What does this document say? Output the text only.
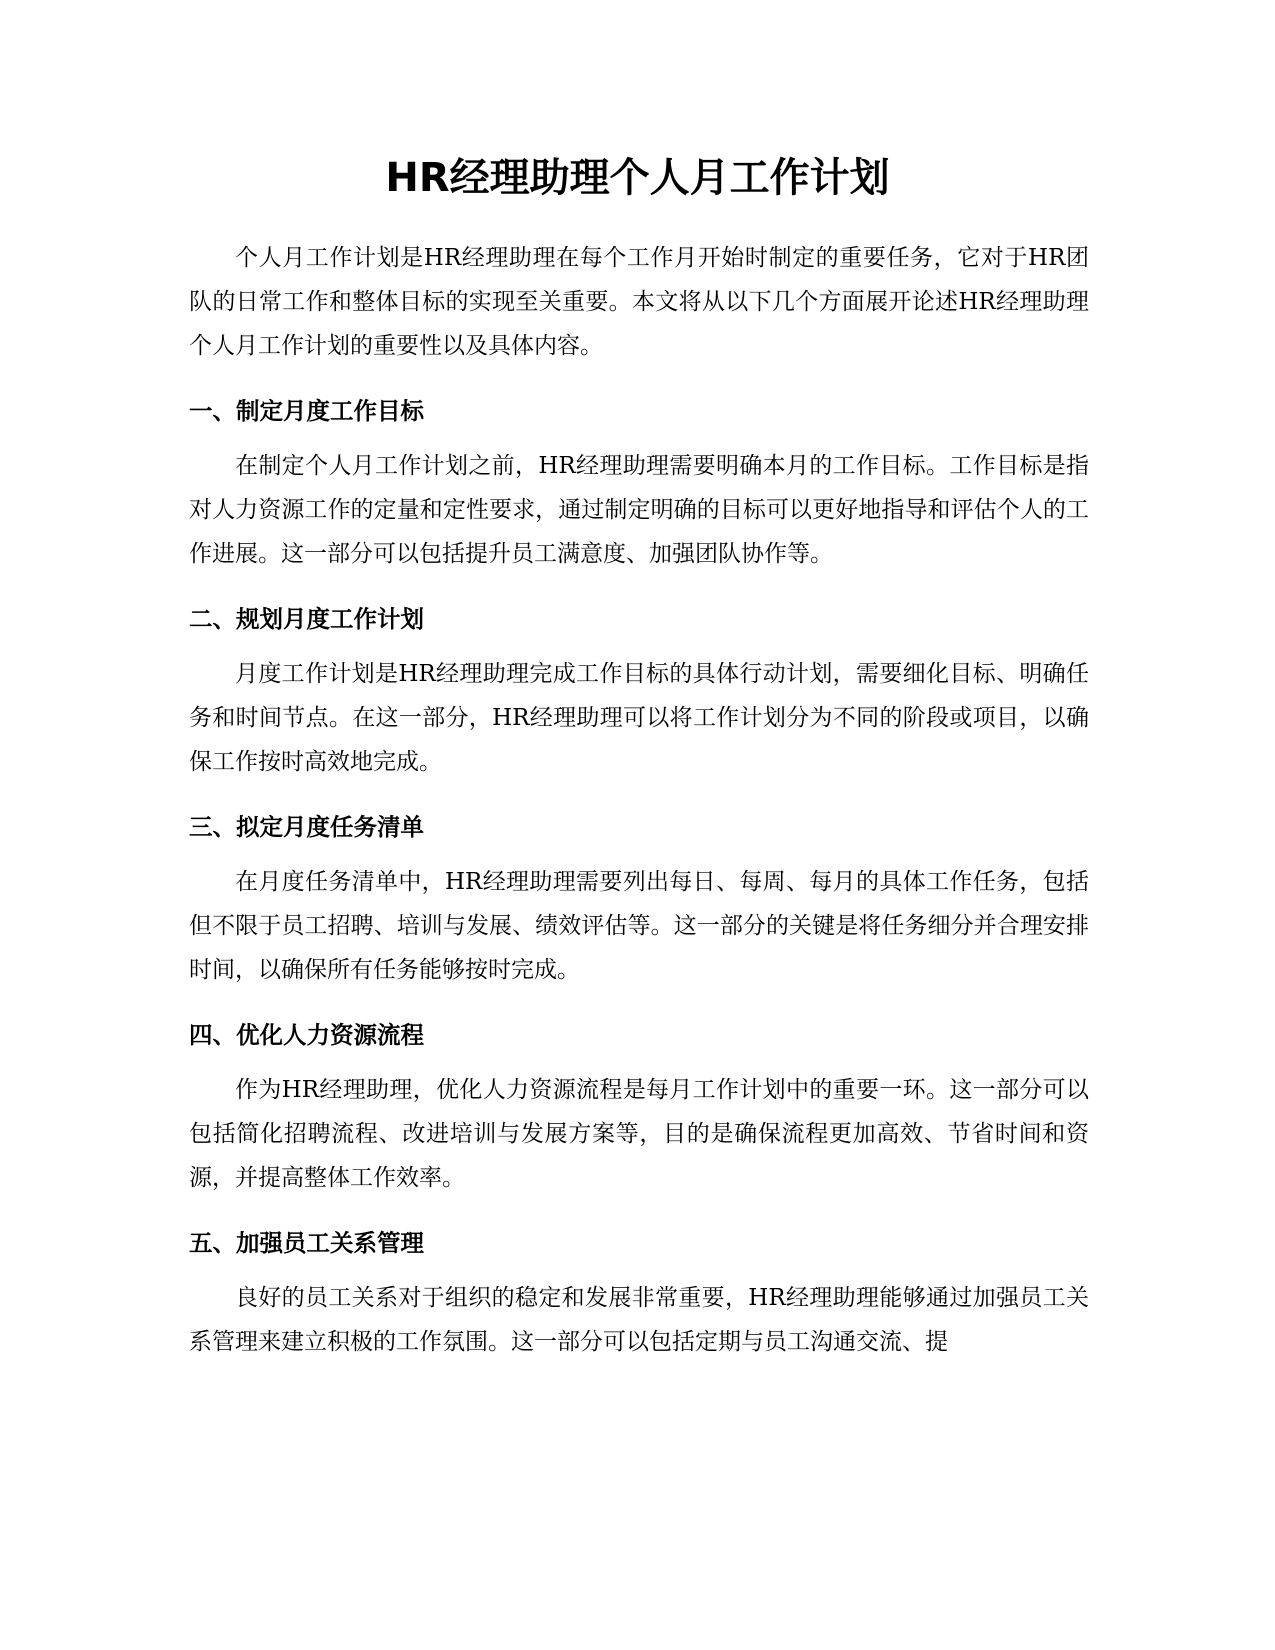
HR经理助理个人月工作计划

个人月工作计划是HR经理助理在每个工作月开始时制定的重要任务，它对于HR团队的日常工作和整体目标的实现至关重要。本文将从以下几个方面展开论述HR经理助理个人月工作计划的重要性以及具体内容。

一、制定月度工作目标

在制定个人月工作计划之前，HR经理助理需要明确本月的工作目标。工作目标是指对人力资源工作的定量和定性要求，通过制定明确的目标可以更好地指导和评估个人的工作进展。这一部分可以包括提升员工满意度、加强团队协作等。

二、规划月度工作计划

月度工作计划是HR经理助理完成工作目标的具体行动计划，需要细化目标、明确任务和时间节点。在这一部分，HR经理助理可以将工作计划分为不同的阶段或项目，以确保工作按时高效地完成。

三、拟定月度任务清单

在月度任务清单中，HR经理助理需要列出每日、每周、每月的具体工作任务，包括但不限于员工招聘、培训与发展、绩效评估等。这一部分的关键是将任务细分并合理安排时间，以确保所有任务能够按时完成。

四、优化人力资源流程

作为HR经理助理，优化人力资源流程是每月工作计划中的重要一环。这一部分可以包括简化招聘流程、改进培训与发展方案等，目的是确保流程更加高效、节省时间和资源，并提高整体工作效率。

五、加强员工关系管理

良好的员工关系对于组织的稳定和发展非常重要，HR经理助理能够通过加强员工关系管理来建立积极的工作氛围。这一部分可以包括定期与员工沟通交流、提
